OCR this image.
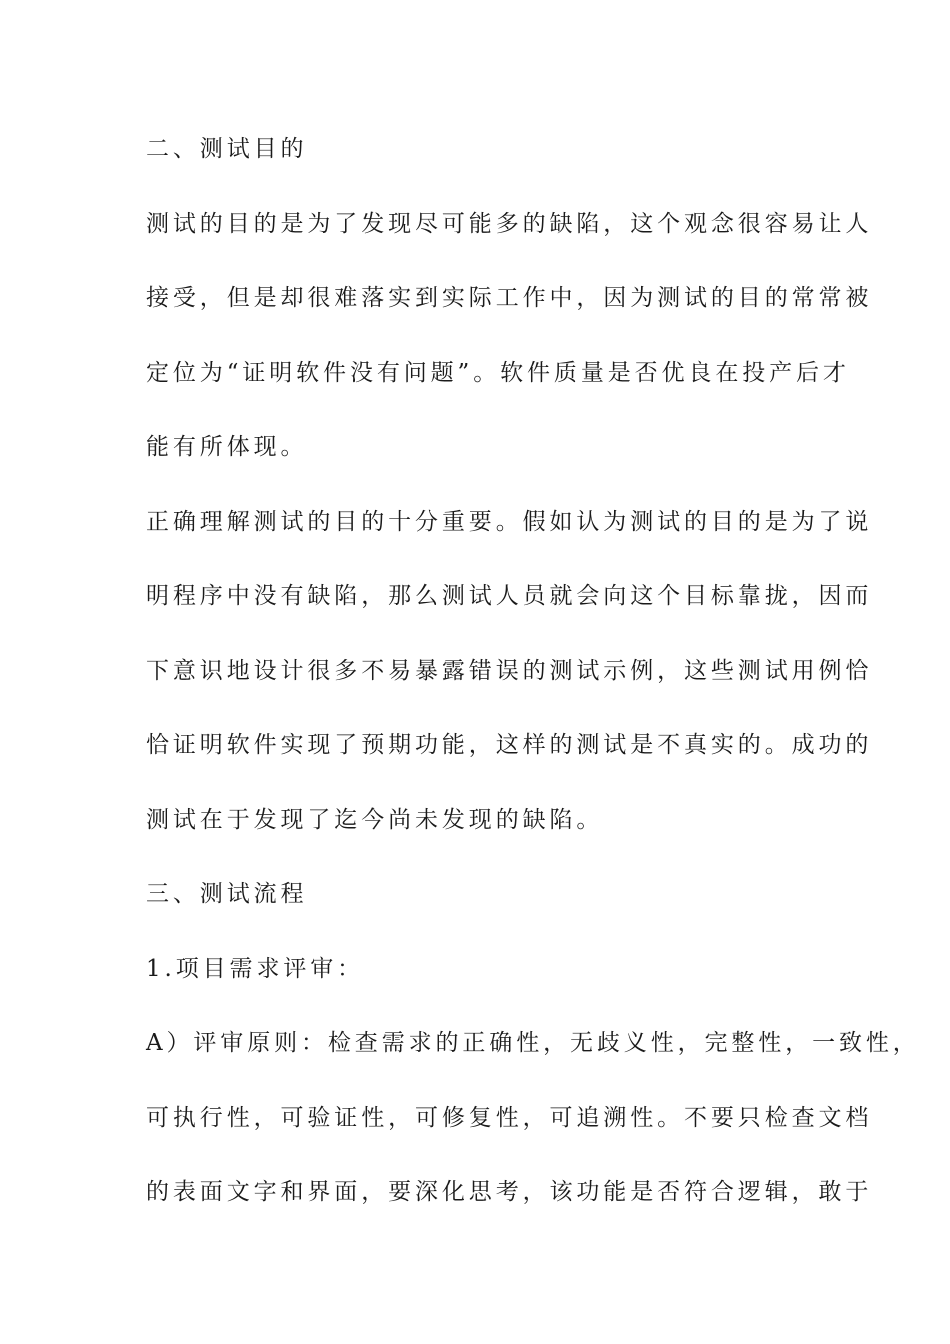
二、测试目的
测试的目的是为了发现尽可能多的缺陷，这个观念很容易让人
接受，但是却很难落实到实际工作中，因为测试的目的常常被
定位为“证明软件没有问题”。软件质量是否优良在投产后才
能有所体现。
正确理解测试的目的十分重要。假如认为测试的目的是为了说
明程序中没有缺陷，那么测试人员就会向这个目标靠拢，因而
下意识地设计很多不易暴露错误的测试示例，这些测试用例恰
恰证明软件实现了预期功能，这样的测试是不真实的。成功的
测试在于发现了迄今尚未发现的缺陷。
三、测试流程
1.项目需求评审：
A）评审原则：检查需求的正确性，无歧义性，完整性，一致性，
可执行性，可验证性，可修复性，可追溯性。不要只检查文档
的表面文字和界面，要深化思考，该功能是否符合逻辑，敢于
